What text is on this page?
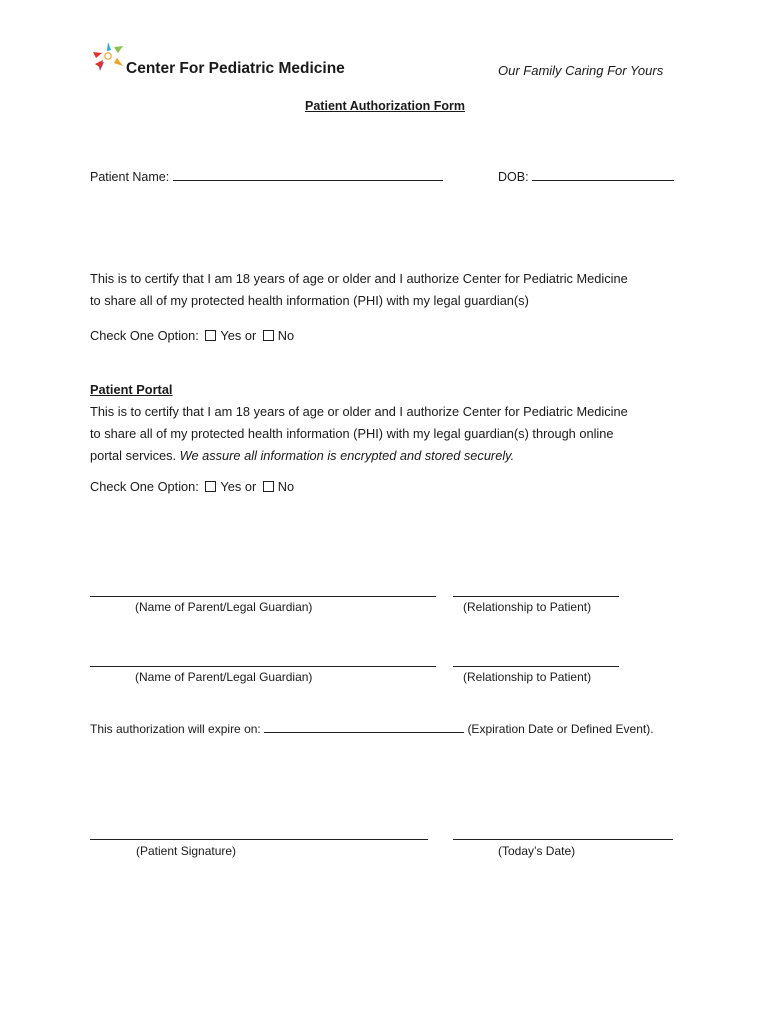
Center For Pediatric Medicine	Our Family Caring For Yours
Patient Authorization Form
Patient Name:	DOB:
This is to certify that I am 18 years of age or older and I authorize Center for Pediatric Medicine
to share all of my protected health information (PHI) with my legal guardian(s)
Check One Option: Yes or No
Patient Portal
This is to certify that I am 18 years of age or older and I authorize Center for Pediatric Medicine
to share all of my protected health information (PHI) with my legal guardian(s) through online
portal services. We assure all information is encrypted and stored securely.
Check One Option: Yes or No
(Name of Parent/Legal Guardian)	(Relationship to Patient)
(Name of Parent/Legal Guardian)	(Relationship to Patient)
This authorization will expire on:	(Expiration Date or Defined Event).
(Patient Signature)	(Today’s Date)
